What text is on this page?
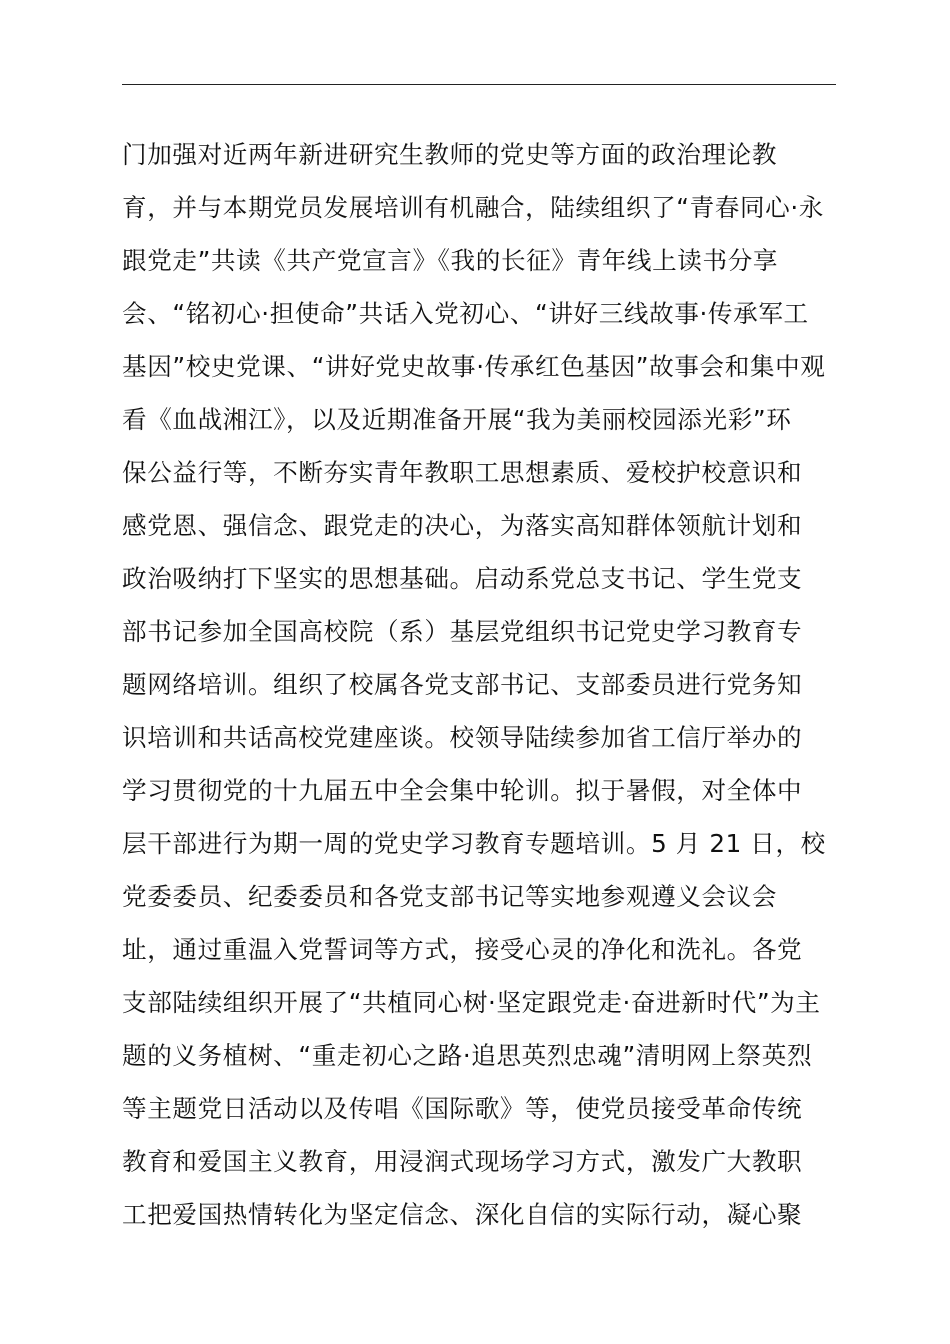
门加强对近两年新进研究生教师的党史等方面的政治理论教
育，并与本期党员发展培训有机融合，陆续组织了“青春同心·永
跟党走”共读《共产党宣言》《我的长征》青年线上读书分享
会、“铭初心·担使命”共话入党初心、“讲好三线故事·传承军工
基因”校史党课、“讲好党史故事·传承红色基因”故事会和集中观
看《血战湘江》，以及近期准备开展“我为美丽校园添光彩”环
保公益行等，不断夯实青年教职工思想素质、爱校护校意识和
感党恩、强信念、跟党走的决心，为落实高知群体领航计划和
政治吸纳打下坚实的思想基础。启动系党总支书记、学生党支
部书记参加全国高校院（系）基层党组织书记党史学习教育专
题网络培训。组织了校属各党支部书记、支部委员进行党务知
识培训和共话高校党建座谈。校领导陆续参加省工信厅举办的
学习贯彻党的十九届五中全会集中轮训。拟于暑假，对全体中
层干部进行为期一周的党史学习教育专题培训。5 月 21 日，校
党委委员、纪委委员和各党支部书记等实地参观遵义会议会
址，通过重温入党誓词等方式，接受心灵的净化和洗礼。各党
支部陆续组织开展了“共植同心树·坚定跟党走·奋进新时代”为主
题的义务植树、“重走初心之路·追思英烈忠魂”清明网上祭英烈
等主题党日活动以及传唱《国际歌》等，使党员接受革命传统
教育和爱国主义教育，用浸润式现场学习方式，激发广大教职
工把爱国热情转化为坚定信念、深化自信的实际行动，凝心聚
